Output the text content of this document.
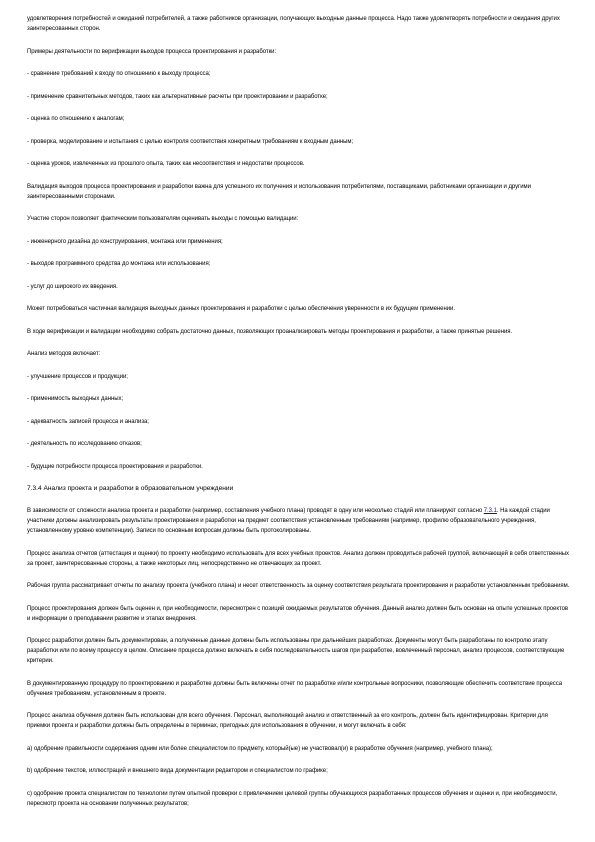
удовлетворения потребностей и ожиданий потребителей, а также работников организации, получающих выходные данные процесса. Надо также удовлетворять потребности и ожидания других заинтересованных сторон.

Примеры деятельности по верификации выходов процесса проектирования и разработки:

- сравнение требований к входу по отношению к выходу процесса;

- применение сравнительных методов, таких как альтернативные расчеты при проектировании и разработке;

- оценка по отношению к аналогам;

- проверка, моделирование и испытания с целью контроля соответствия конкретным требованиям к входным данным;

- оценка уроков, извлеченных из прошлого опыта, таких как несоответствия и недостатки процессов.

Валидация выходов процесса проектирования и разработки важна для успешного их получения и использования потребителями, поставщиками, работниками организации и другими заинтересованными сторонами.

Участие сторон позволяет фактическим пользователям оценивать выходы с помощью валидации:

- инженерного дизайна до конструирования, монтажа или применения;

- выходов программного средства до монтажа или использования;

- услуг до широкого их введения.

Может потребоваться частичная валидация выходных данных проектирования и разработки с целью обеспечения уверенности в их будущем применении.

В ходе верификации и валидации необходимо собрать достаточно данных, позволяющих проанализировать методы проектирования и разработки, а также принятые решения.

Анализ методов включает:

- улучшение процессов и продукции;

- применимость выходных данных;

- адекватность записей процесса и анализа;

- деятельность по исследованию отказов;

- будущие потребности процесса проектирования и разработки.

7.3.4 Анализ проекта и разработки в образовательном учреждении

В зависимости от сложности анализа проекта и разработки (например, составления учебного плана) проводят в одну или несколько стадий или планируют согласно 7.3.1. На каждой стадии участники должны анализировать результаты проектирования и разработки на предмет соответствия установленным требованиям (например, профилю образовательного учреждения, установленному уровню компетенции). Записи по основным вопросам должны быть протоколированы.

Процесс анализа отчетов (аттестация и оценки) по проекту необходимо использовать для всех учебных проектов. Анализ должен проводиться рабочей группой, включающей в себя ответственных за проект, заинтересованные стороны, а также некоторых лиц, непосредственно не отвечающих за проект.

Рабочая группа рассматривает отчеты по анализу проекта (учебного плана) и несет ответственность за оценку соответствия результата проектирования и разработки установленным требованиям.

Процесс проектирования должен быть оценен и, при необходимости, пересмотрен с позиций ожидаемых результатов обучения. Данный анализ должен быть основан на опыте успешных проектов и информации о преподавании развитие и этапах внедрения.

Процесс разработки должен быть документирован, а полученные данные должны быть использованы при дальнейших разработках. Документы могут быть разработаны по контролю этапу разработки или по всему процессу в целом. Описание процесса должно включать в себя последовательность шагов при разработке, вовлеченный персонал, анализ процессов, соответствующие критерии.

В документированную процедуру по проектированию и разработке должны быть включены отчет по разработке и/или контрольные вопросники, позволяющие обеспечить соответствие процесса обучения требованиям, установленным в проекте.

Процесс анализа обучения должен быть использован для всего обучения. Персонал, выполняющий анализ и ответственный за его контроль, должен быть идентифицирован. Критерии для приемки проекта и разработки должны быть определены в терминах, пригодных для использования в обучении, и могут включать в себя:

а) одобрение правильности содержания одним или более специалистом по предмету, который(ые) не участвовал(и) в разработке обучения (например, учебного плана);

b) одобрение текстов, иллюстраций и внешнего вида документации редактором и специалистом по графике;

с) одобрение проекта специалистом по технологии путем опытной проверки с привлечением целевой группы обучающихся разработанных процессов обучения и оценки и, при необходимости, пересмотр проекта на основании полученных результатов;
